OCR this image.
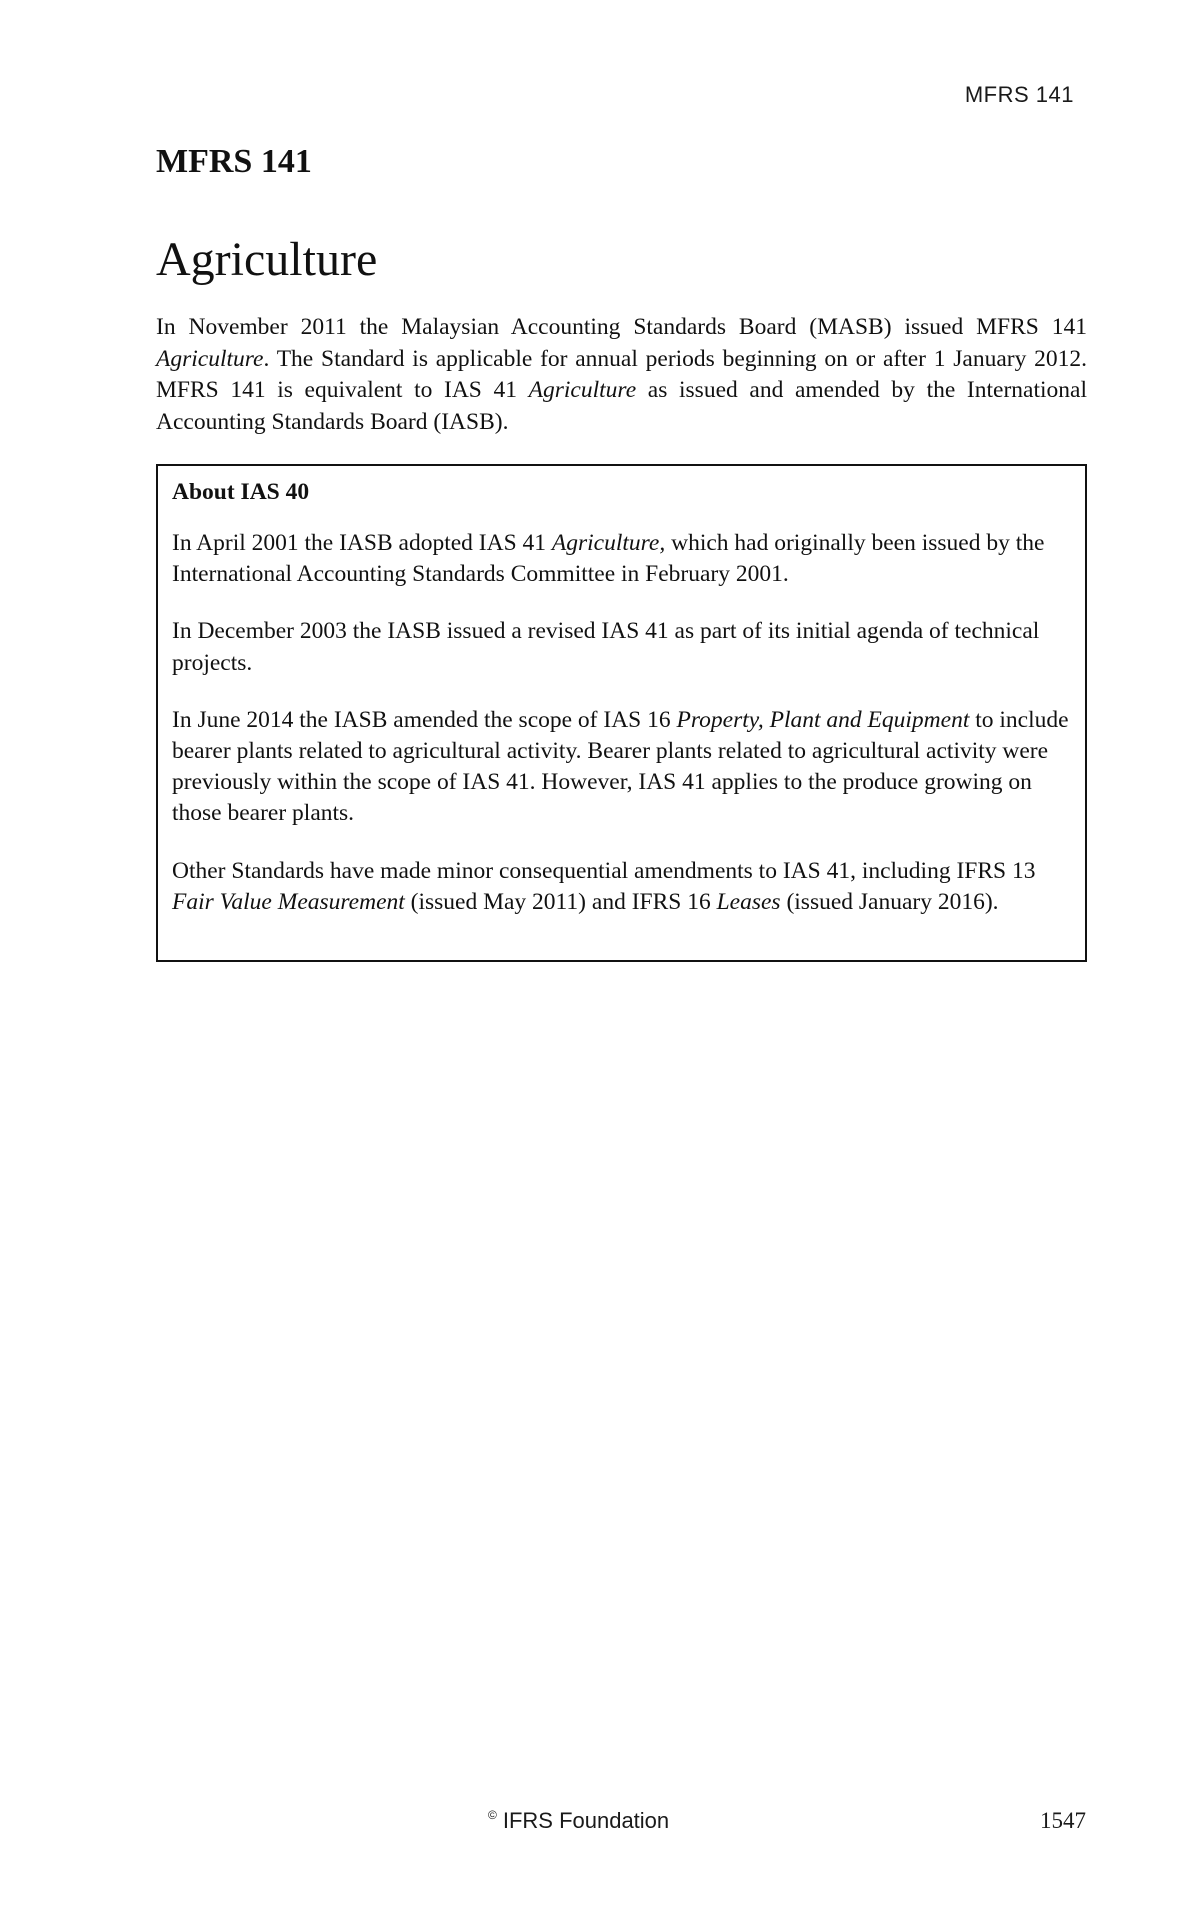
MFRS 141
MFRS 141
Agriculture

In November 2011 the Malaysian Accounting Standards Board (MASB) issued MFRS 141 Agriculture. The Standard is applicable for annual periods beginning on or after 1 January 2012. MFRS 141 is equivalent to IAS 41 Agriculture as issued and amended by the International Accounting Standards Board (IASB).

About IAS 40

In April 2001 the IASB adopted IAS 41 Agriculture, which had originally been issued by the International Accounting Standards Committee in February 2001.

In December 2003 the IASB issued a revised IAS 41 as part of its initial agenda of technical projects.

In June 2014 the IASB amended the scope of IAS 16 Property, Plant and Equipment to include bearer plants related to agricultural activity. Bearer plants related to agricultural activity were previously within the scope of IAS 41. However, IAS 41 applies to the produce growing on those bearer plants.

Other Standards have made minor consequential amendments to IAS 41, including IFRS 13 Fair Value Measurement (issued May 2011) and IFRS 16 Leases (issued January 2016).

© IFRS Foundation	1547
